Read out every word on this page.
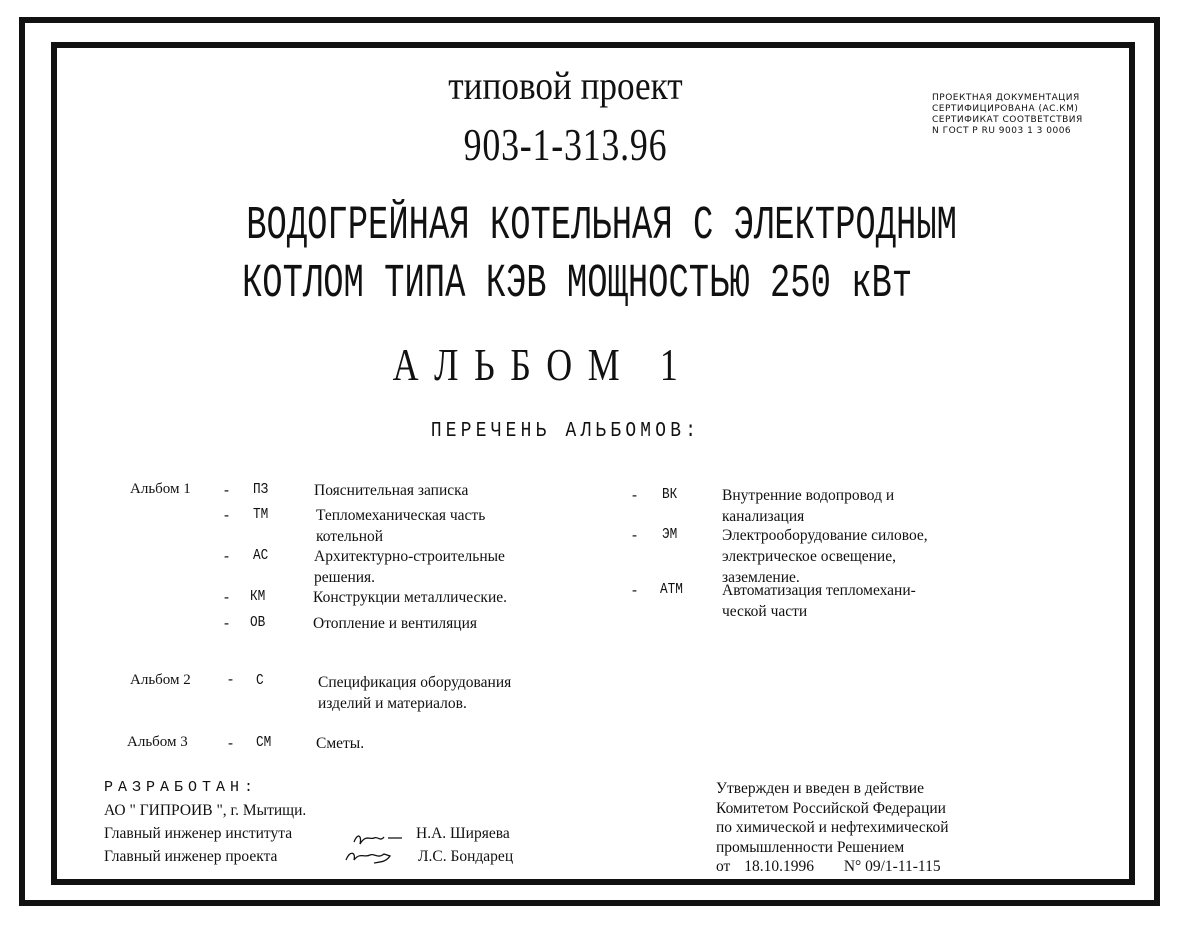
типовой проект
903-1-313.96
ПРОЕКТНАЯ ДОКУМЕНТАЦИЯ
СЕРТИФИЦИРОВАНА (АС.КМ)
СЕРТИФИКАТ СООТВЕТСТВИЯ
N ГОСТ Р RU 9003 1 3 0006
ВОДОГРЕЙНАЯ КОТЕЛЬНАЯ С ЭЛЕКТРОДНЫМ
КОТЛОМ ТИПА КЭВ МОЩНОСТЬЮ 250 кВт
АЛЬБОМ 1
ПЕРЕЧЕНЬ АЛЬБОМОВ:
Альбом 1 - ПЗ	Пояснительная записка
- ТМ	Тепломеханическая часть
котельной
- АС	Архитектурно-строительные
решения.
- КМ	Конструкции металлические.
- ОВ	Отопление и вентиляция
- ВК	Внутренние водопровод и
канализация
- ЭМ	Электрооборудование силовое,
электрическое освещение,
заземление.
- АТМ	Автоматизация тепломехани-
ческой части
Альбом 2 - С	Спецификация оборудования
изделий и материалов.
Альбом 3	- СМ	Сметы.
РАЗРАБОТАН:
АО " ГИПРОИВ ", г. Мытищи.
Главный инженер института	Н.А. Ширяева
Главный инженер проекта	Л.С. Бондарец
Утвержден и введен в действие
Комитетом Российской Федерации
по химической и нефтехимической
промышленности Решением
от 18.10.1996 N° 09/1-11-115
